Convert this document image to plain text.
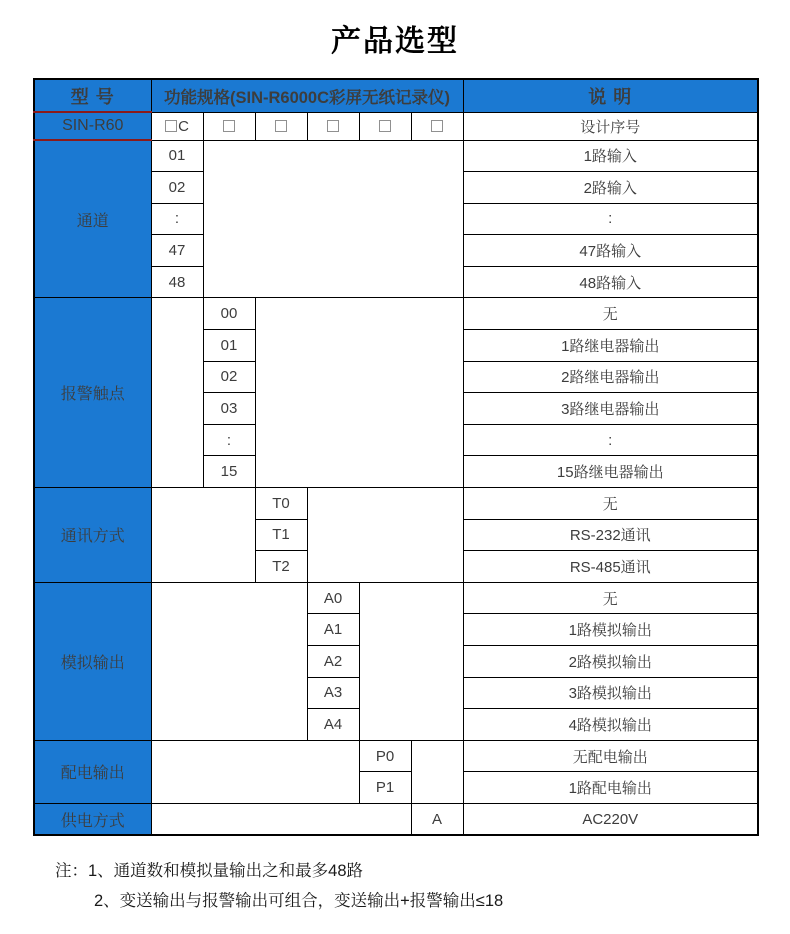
产品选型
型 号	功能规格(SIN-R6000C彩屏无纸记录仪)						说 明
SIN-R60	C						设计序号
通道	01						1路输入
	02						2路输入
	:						:
	47						47路输入
	48						48路输入
报警触点		00					无
		01					1路继电器输出
		02					2路继电器输出
		03					3路继电器输出
		:					:
		15					15路继电器输出
通讯方式			T0				无
			T1				RS-232通讯
			T2				RS-485通讯
模拟输出				A0			无
				A1			1路模拟输出
				A2			2路模拟输出
				A3			3路模拟输出
				A4			4路模拟输出
配电输出					P0		无配电输出
					P1		1路配电输出
供电方式						A	AC220V
注：1、通道数和模拟量输出之和最多48路
2、变送输出与报警输出可组合，变送输出+报警输出≤18
